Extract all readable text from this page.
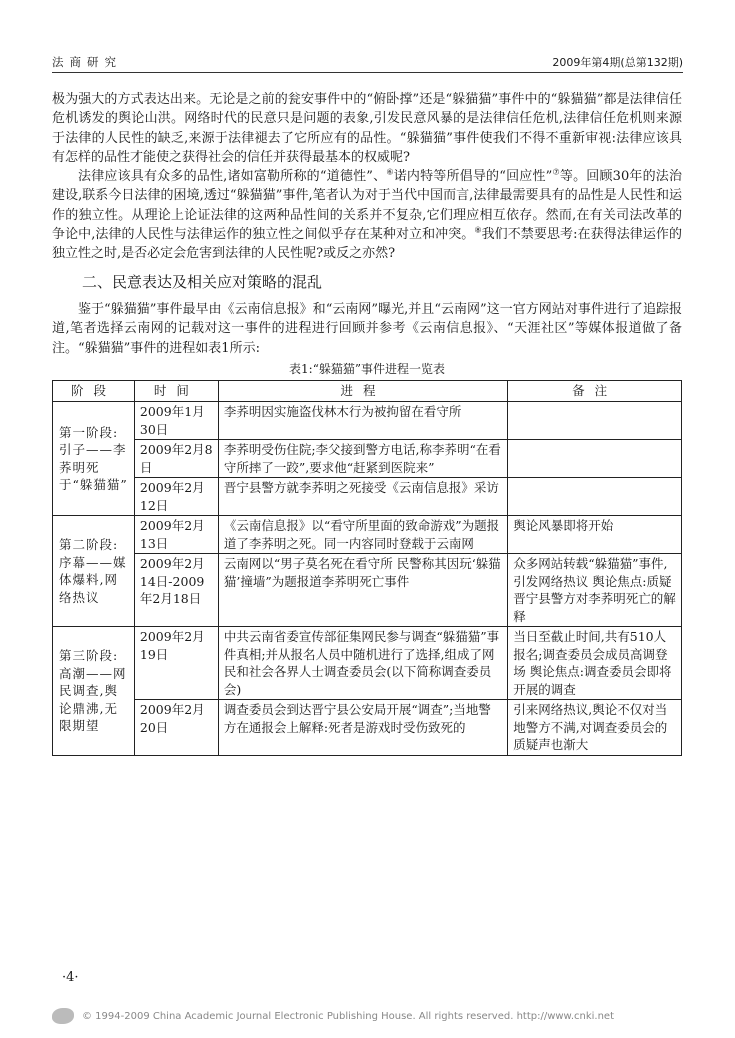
法商研究	2009年第4期(总第132期)

极为强大的方式表达出来。无论是之前的瓮安事件中的“俯卧撑”还是“躲猫猫”事件中的“躲猫猫”都是法律信任危机诱发的舆论山洪。网络时代的民意只是问题的表象,引发民意风暴的是法律信任危机,法律信任危机则来源于法律的人民性的缺乏,来源于法律褪去了它所应有的品性。“躲猫猫”事件使我们不得不重新审视:法律应该具有怎样的品性才能使之获得社会的信任并获得最基本的权威呢?

法律应该具有众多的品性,诸如富勒所称的“道德性”、⑥诺内特等所倡导的“回应性”⑦等。回顾30年的法治建设,联系今日法律的困境,透过“躲猫猫”事件,笔者认为对于当代中国而言,法律最需要具有的品性是人民性和运作的独立性。从理论上论证法律的这两种品性间的关系并不复杂,它们理应相互依存。然而,在有关司法改革的争论中,法律的人民性与法律运作的独立性之间似乎存在某种对立和冲突。⑧我们不禁要思考:在获得法律运作的独立性之时,是否必定会危害到法律的人民性呢?或反之亦然?

二、民意表达及相关应对策略的混乱

鉴于“躲猫猫”事件最早由《云南信息报》和“云南网”曝光,并且“云南网”这一官方网站对事件进行了追踪报道,笔者选择云南网的记载对这一事件的进程进行回顾并参考《云南信息报》、“天涯社区”等媒体报道做了备注。“躲猫猫”事件的进程如表1所示:

表1:“躲猫猫”事件进程一览表
阶段	时间	进程	备注
第一阶段:引子——李荞明死于“躲猫猫”	2009年1月30日	李荞明因实施盗伐林木行为被拘留在看守所	
	2009年2月8日	李荞明受伤住院;李父接到警方电话,称李荞明“在看守所摔了一跤”,要求他“赶紧到医院来”	
	2009年2月12日	晋宁县警方就李荞明之死接受《云南信息报》采访	
第二阶段:序幕——媒体爆料,网络热议	2009年2月13日	《云南信息报》以“看守所里面的致命游戏”为题报道了李荞明之死。同一内容同时登载于云南网	舆论风暴即将开始
	2009年2月14日-2009年2月18日	云南网以“男子莫名死在看守所 民警称其因玩‘躲猫猫’撞墙”为题报道李荞明死亡事件	众多网站转载“躲猫猫”事件,引发网络热议 舆论焦点:质疑晋宁县警方对李荞明死亡的解释
第三阶段:高潮——网民调查,舆论鼎沸,无限期望	2009年2月19日	中共云南省委宣传部征集网民参与调查“躲猫猫”事件真相;并从报名人员中随机进行了选择,组成了网民和社会各界人士调查委员会(以下简称调查委员会)	当日至截止时间,共有510人报名;调查委员会成员高调登场 舆论焦点:调查委员会即将开展的调查
	2009年2月20日	调查委员会到达晋宁县公安局开展“调查”;当地警方在通报会上解释:死者是游戏时受伤致死的	引来网络热议,舆论不仅对当地警方不满,对调查委员会的质疑声也渐大
·4·
© 1994-2009 China Academic Journal Electronic Publishing House. All rights reserved. http://www.cnki.net
